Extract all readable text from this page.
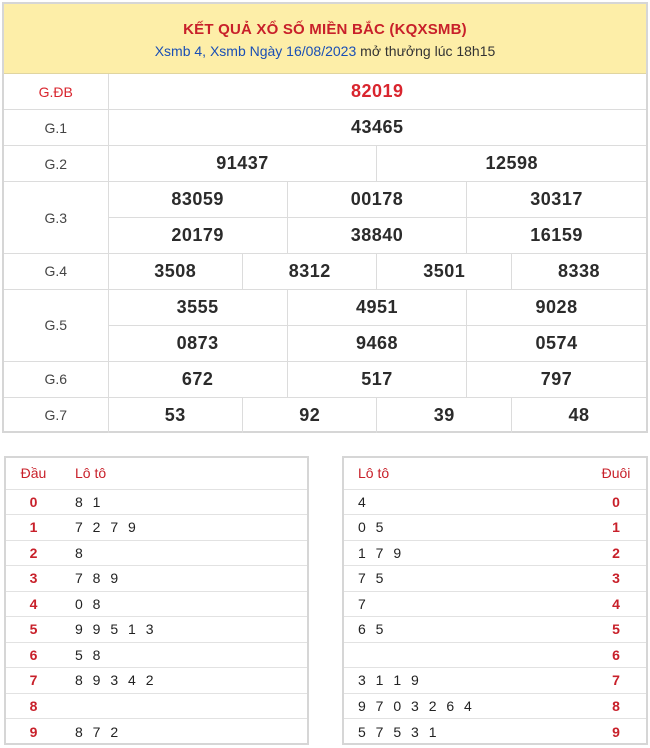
KẾT QUẢ XỔ SỐ MIỀN BẮC (KQXSMB)
Xsmb 4, Xsmb Ngày 16/08/2023 mở thưởng lúc 18h15
G.ĐB	82019					
G.1	43465					
G.2	91437			12598		
G.3	83059		00178		30317	
	20179		38840		16159	
G.4	3508	8312		3501		8338
G.5	3555		4951		9028	
	0873		9468		0574	
G.6	672		517		797	
G.7	53	92		39		48
Đầu	Lô tô
0	8 1
1	7 2 7 9
2	8
3	7 8 9
4	0 8
5	9 9 5 1 3
6	5 8
7	8 9 3 4 2
8	
9	8 7 2
Lô tô	Đuôi
4	0
0 5	1
1 7 9	2
7 5	3
7	4
6 5	5
	6
3 1 1 9	7
9 7 0 3 2 6 4	8
5 7 5 3 1	9
